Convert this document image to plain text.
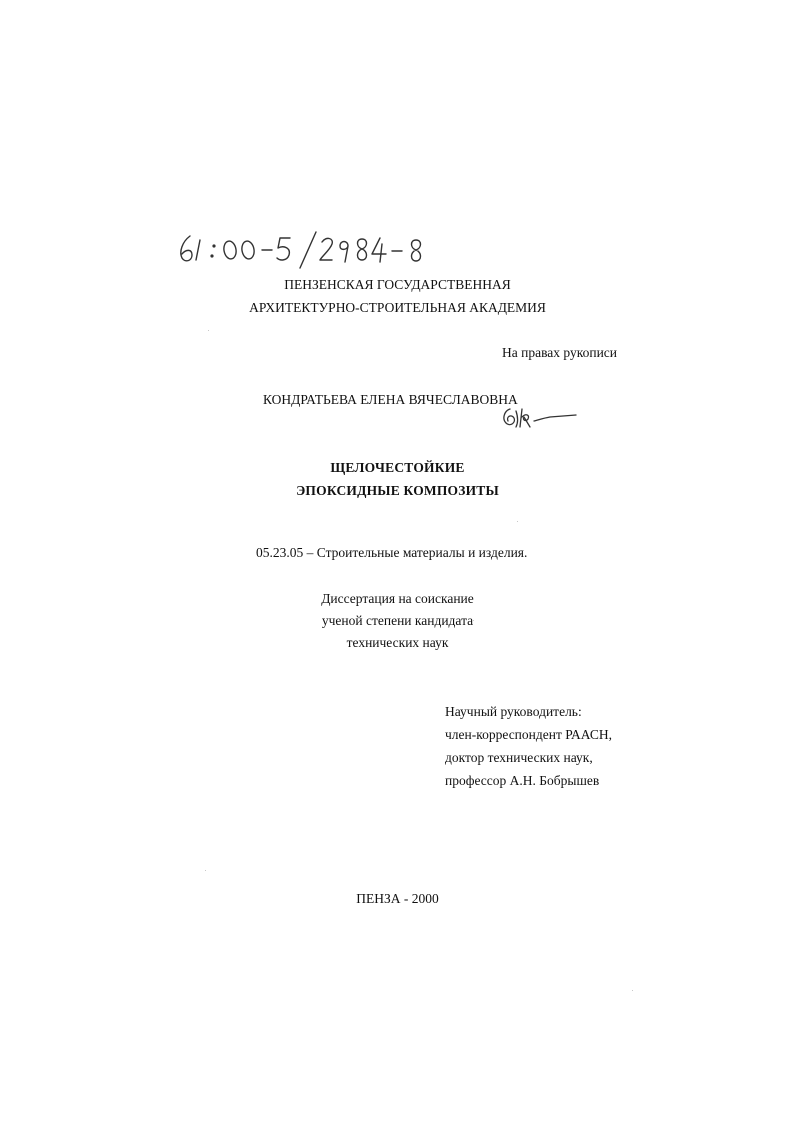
ПЕНЗЕНСКАЯ ГОСУДАРСТВЕННАЯ
АРХИТЕКТУРНО-СТРОИТЕЛЬНАЯ АКАДЕМИЯ
На правах рукописи
КОНДРАТЬЕВА ЕЛЕНА ВЯЧЕСЛАВОВНА
ЩЕЛОЧЕСТОЙКИЕ
ЭПОКСИДНЫЕ КОМПОЗИТЫ
05.23.05 – Строительные материалы и изделия.
Диссертация на соискание
ученой степени кандидата
технических наук
Научный руководитель:
член-корреспондент РААСН,
доктор технических наук,
профессор А.Н. Бобрышев
ПЕНЗА - 2000
